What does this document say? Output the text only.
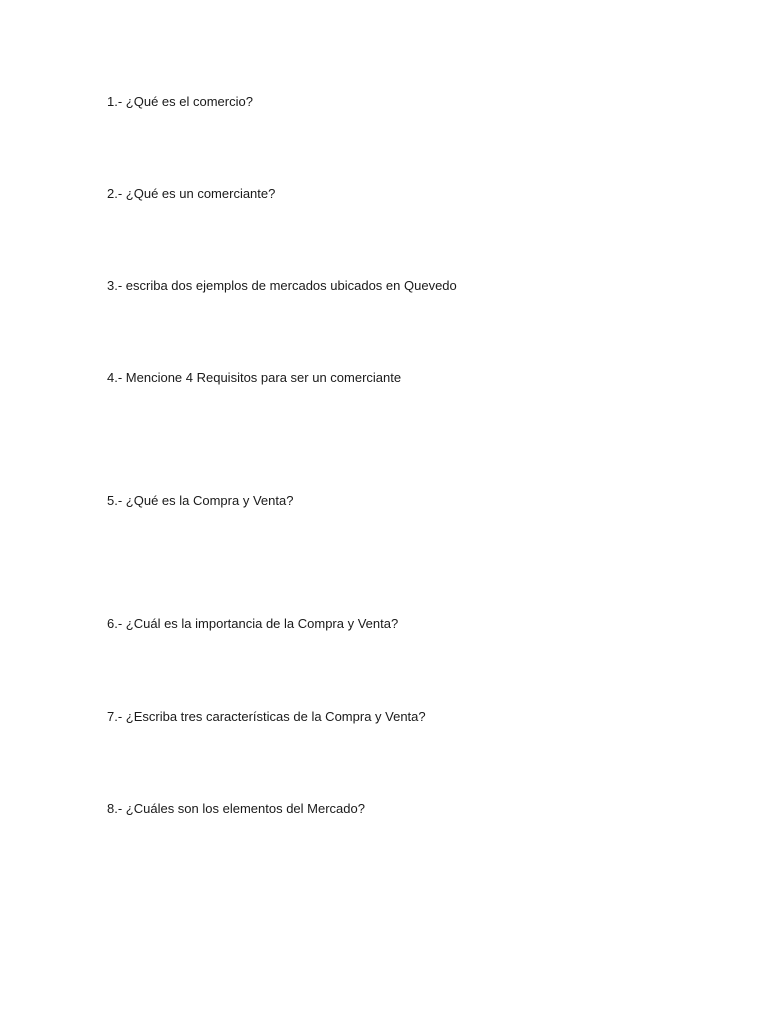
1.- ¿Qué es el comercio?

2.- ¿Qué es un comerciante?

3.- escriba dos ejemplos de mercados ubicados en Quevedo

4.- Mencione 4 Requisitos para ser un comerciante

5.- ¿Qué es la Compra y Venta?

6.- ¿Cuál es la importancia de la Compra y Venta?

7.- ¿Escriba tres características de la Compra y Venta?

8.- ¿Cuáles son los elementos del Mercado?
